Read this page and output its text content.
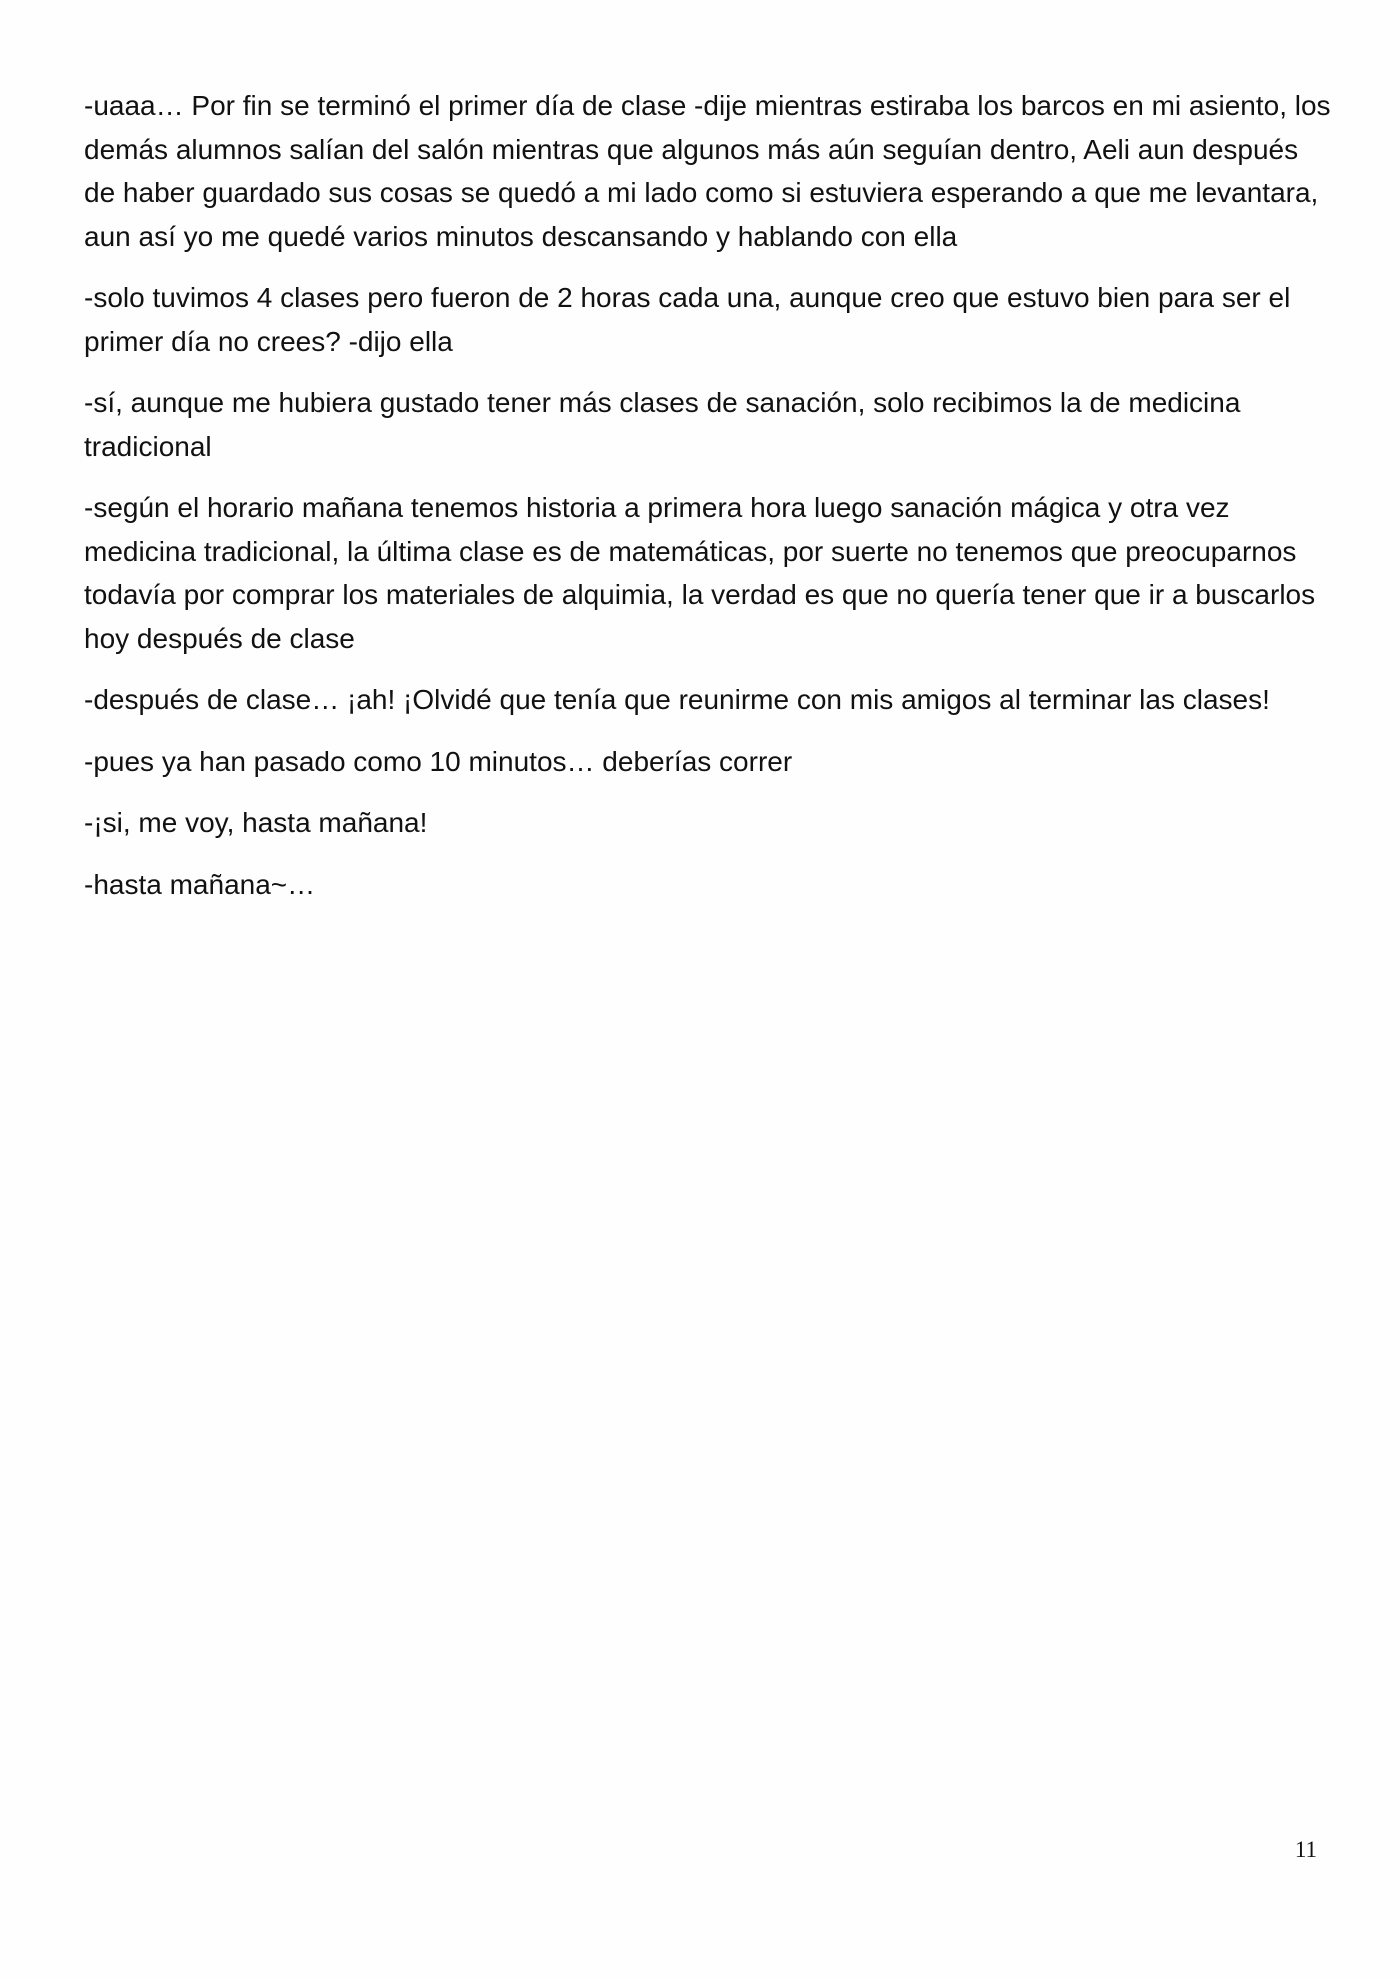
-uaaa… Por fin se terminó el primer día de clase -dije mientras estiraba los barcos en mi asiento, los demás alumnos salían del salón mientras que algunos más aún seguían dentro, Aeli aun después de haber guardado sus cosas se quedó a mi lado como si estuviera esperando a que me levantara, aun así yo me quedé varios minutos descansando y hablando con ella

-solo tuvimos 4 clases pero fueron de 2 horas cada una, aunque creo que estuvo bien para ser el primer día no crees? -dijo ella

-sí, aunque me hubiera gustado tener más clases de sanación, solo recibimos la de medicina tradicional

-según el horario mañana tenemos historia a primera hora luego sanación mágica y otra vez medicina tradicional, la última clase es de matemáticas, por suerte no tenemos que preocuparnos todavía por comprar los materiales de alquimia, la verdad es que no quería tener que ir a buscarlos hoy después de clase

-después de clase… ¡ah! ¡Olvidé que tenía que reunirme con mis amigos al terminar las clases!

-pues ya han pasado como 10 minutos… deberías correr

-¡si, me voy, hasta mañana!

-hasta mañana~…

11
